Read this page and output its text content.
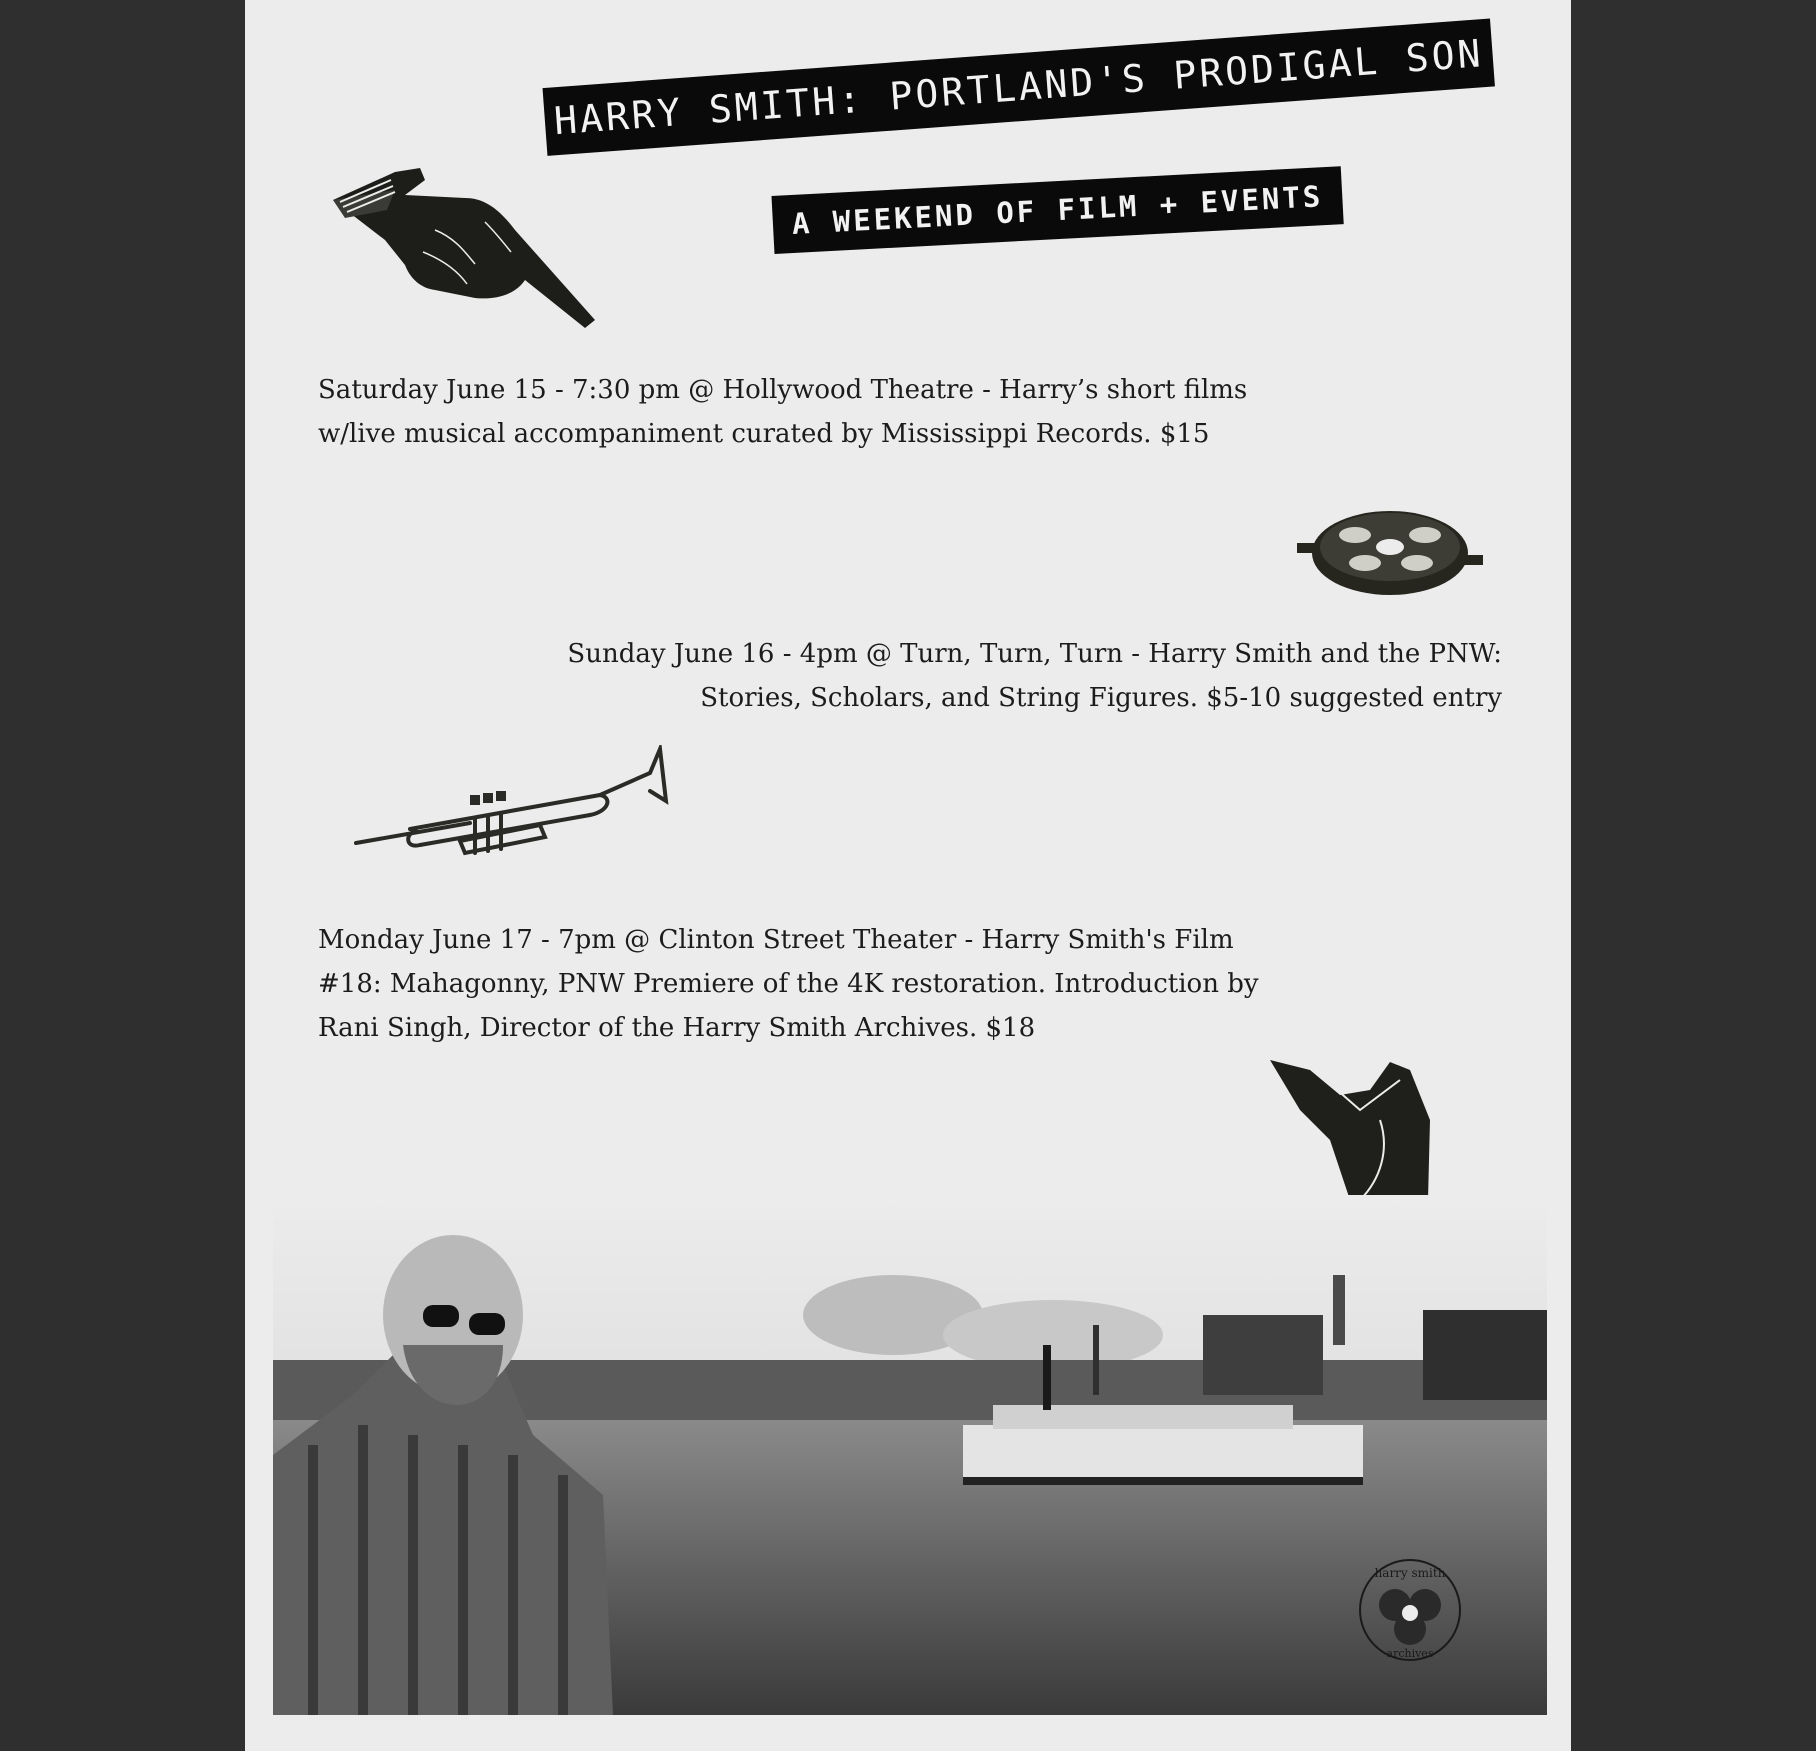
HARRY SMITH: PORTLAND'S PRODIGAL SON
A WEEKEND OF FILM + EVENTS

Saturday June 15 - 7:30 pm @ Hollywood Theatre - Harry’s short films

w/live musical accompaniment curated by Mississippi Records. $15

Sunday June 16 - 4pm @ Turn, Turn, Turn - Harry Smith and the PNW:

Stories, Scholars, and String Figures. $5-10 suggested entry

Monday June 17 - 7pm @ Clinton Street Theater - Harry Smith's Film

#18: Mahagonny, PNW Premiere of the 4K restoration. Introduction by

Rani Singh, Director of the Harry Smith Archives. $18

harry smith
archives
